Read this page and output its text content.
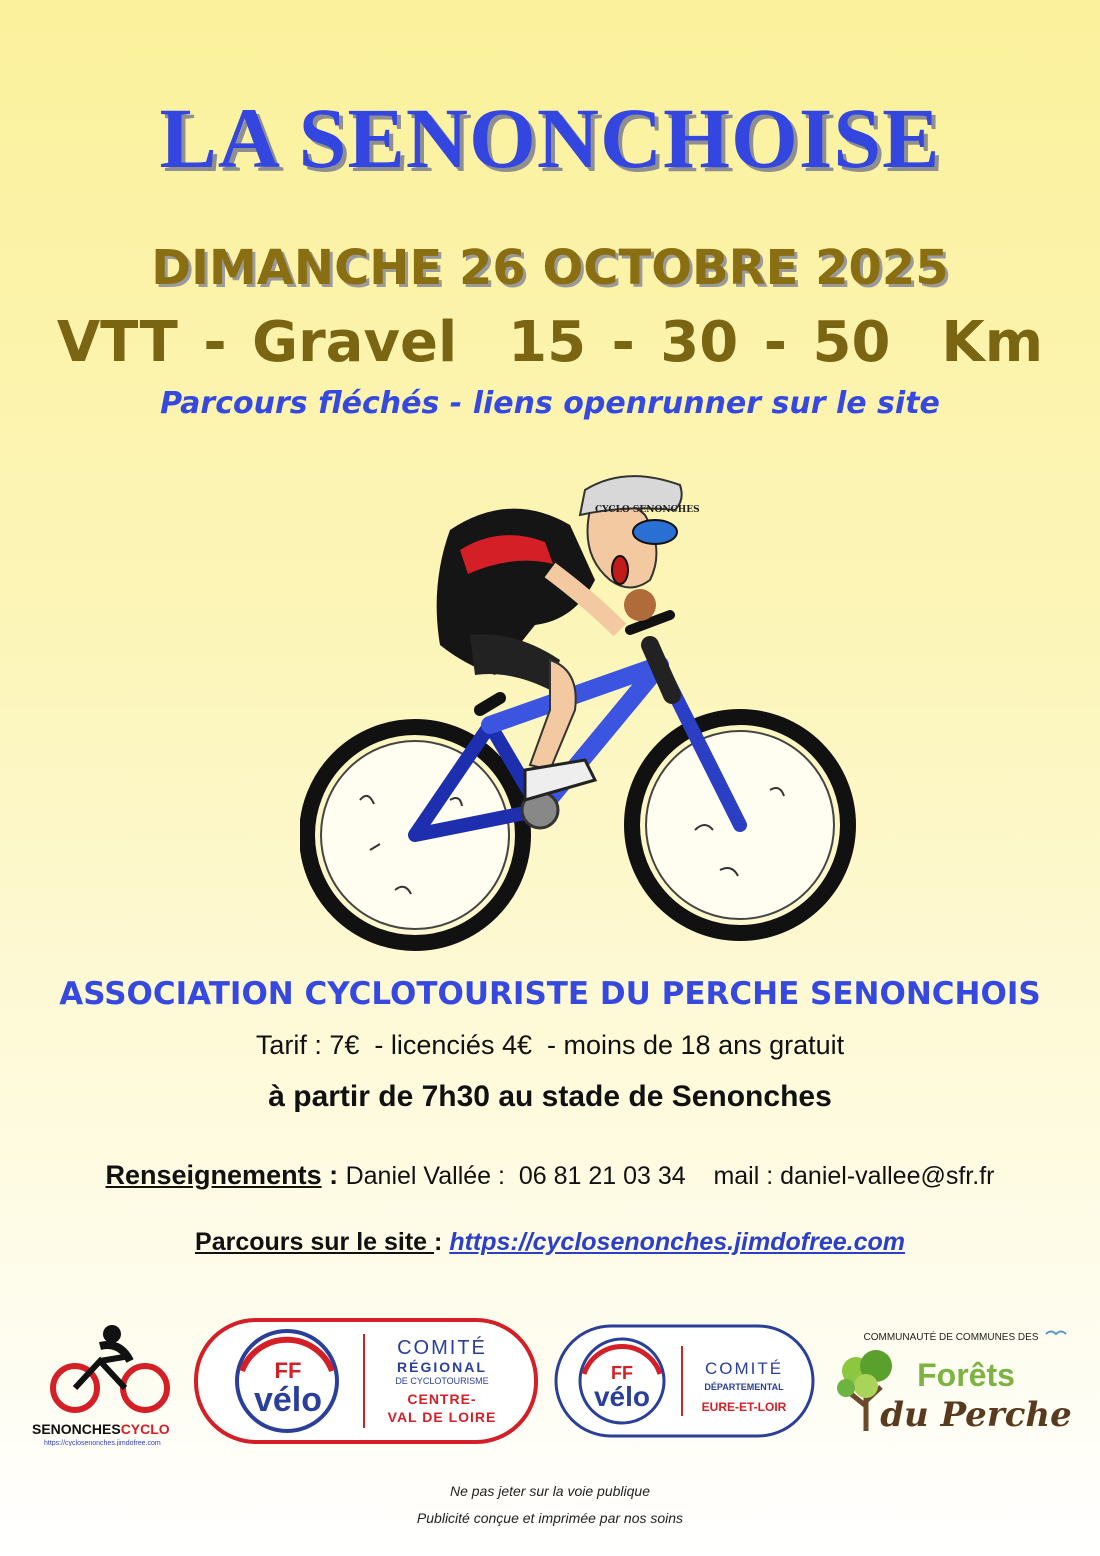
LA SENONCHOISE
DIMANCHE 26 OCTOBRE 2025
VTT - Gravel  15 - 30 - 50  Km
Parcours fléchés - liens openrunner sur le site
CYCLO SENONCHES
ASSOCIATION CYCLOTOURISTE DU PERCHE SENONCHOIS
Tarif : 7€  - licenciés 4€  - moins de 18 ans gratuit
à partir de 7h30 au stade de Senonches
Renseignements : Daniel Vallée :  06 81 21 03 34    mail : daniel-vallee@sfr.fr
Parcours sur le site : https://cyclosenonches.jimdofree.com
SENONCHESCYCLO
https://cyclosenonches.jimdofree.com
FF
vélo
COMITÉ
RÉGIONAL
DE CYCLOTOURISME
CENTRE-
VAL DE LOIRE
FF
vélo
COMITÉ
DÉPARTEMENTAL
EURE-ET-LOIR
COMMUNAUTÉ DE COMMUNES DES
Forêts
du Perche
Ne pas jeter sur la voie publique
Publicité conçue et imprimée par nos soins
